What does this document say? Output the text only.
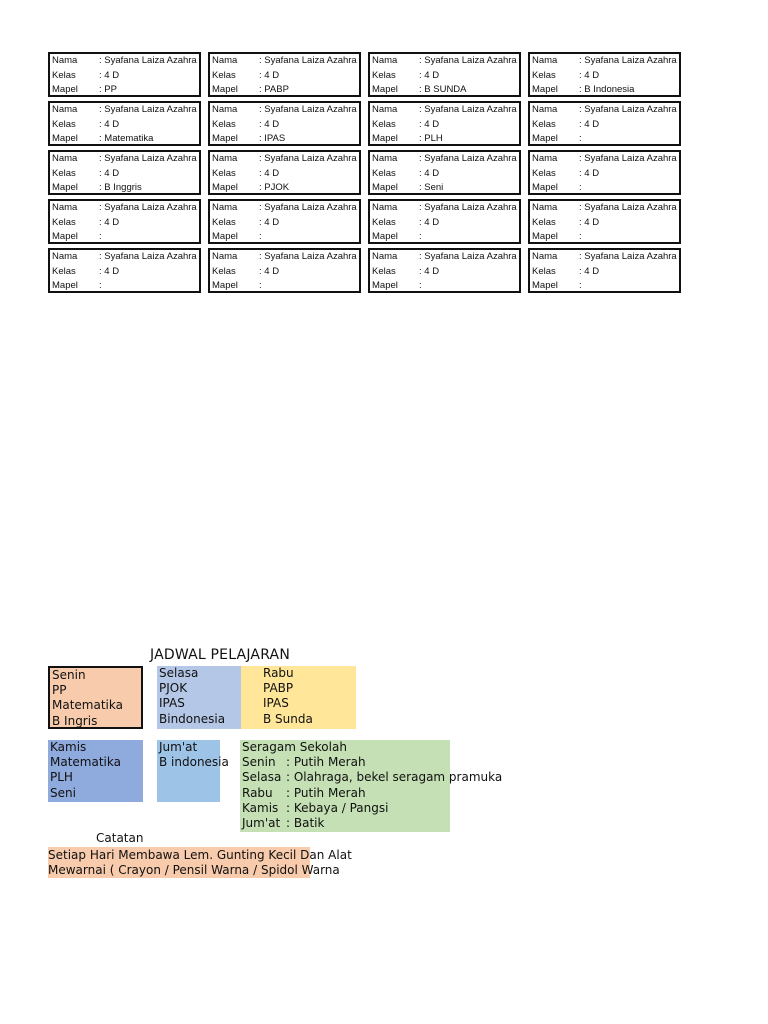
Nama	: Syafana Laiza Azahra
Kelas	: 4 D
Mapel	: PP
Nama	: Syafana Laiza Azahra
Kelas	: 4 D
Mapel	: PABP
Nama	: Syafana Laiza Azahra
Kelas	: 4 D
Mapel	: B SUNDA
Nama	: Syafana Laiza Azahra
Kelas	: 4 D
Mapel	: B Indonesia
Nama	: Syafana Laiza Azahra
Kelas	: 4 D
Mapel	: Matematika
Nama	: Syafana Laiza Azahra
Kelas	: 4 D
Mapel	: IPAS
Nama	: Syafana Laiza Azahra
Kelas	: 4 D
Mapel	: PLH
Nama	: Syafana Laiza Azahra
Kelas	: 4 D
Mapel	:
Nama	: Syafana Laiza Azahra
Kelas	: 4 D
Mapel	: B Inggris
Nama	: Syafana Laiza Azahra
Kelas	: 4 D
Mapel	: PJOK
Nama	: Syafana Laiza Azahra
Kelas	: 4 D
Mapel	: Seni
Nama	: Syafana Laiza Azahra
Kelas	: 4 D
Mapel	:
Nama	: Syafana Laiza Azahra
Kelas	: 4 D
Mapel	:
Nama	: Syafana Laiza Azahra
Kelas	: 4 D
Mapel	:
Nama	: Syafana Laiza Azahra
Kelas	: 4 D
Mapel	:
Nama	: Syafana Laiza Azahra
Kelas	: 4 D
Mapel	:
Nama	: Syafana Laiza Azahra
Kelas	: 4 D
Mapel	:
Nama	: Syafana Laiza Azahra
Kelas	: 4 D
Mapel	:
Nama	: Syafana Laiza Azahra
Kelas	: 4 D
Mapel	:
Nama	: Syafana Laiza Azahra
Kelas	: 4 D
Mapel	:
JADWAL PELAJARAN
Senin
PP
Matematika
B Ingris
Selasa
PJOK
IPAS
Bindonesia
Rabu
PABP
IPAS
B Sunda
Kamis
Matematika
PLH
Seni
Jum'at
B indonesia
Seragam Sekolah
Senin : Putih Merah
Selasa : Olahraga, bekel seragam pramuka
Rabu	: Putih Merah
Kamis : Kebaya / Pangsi
Jum'at : Batik
Catatan
Setiap Hari Membawa Lem. Gunting Kecil Dan Alat
Mewarnai ( Crayon / Pensil Warna / Spidol Warna
